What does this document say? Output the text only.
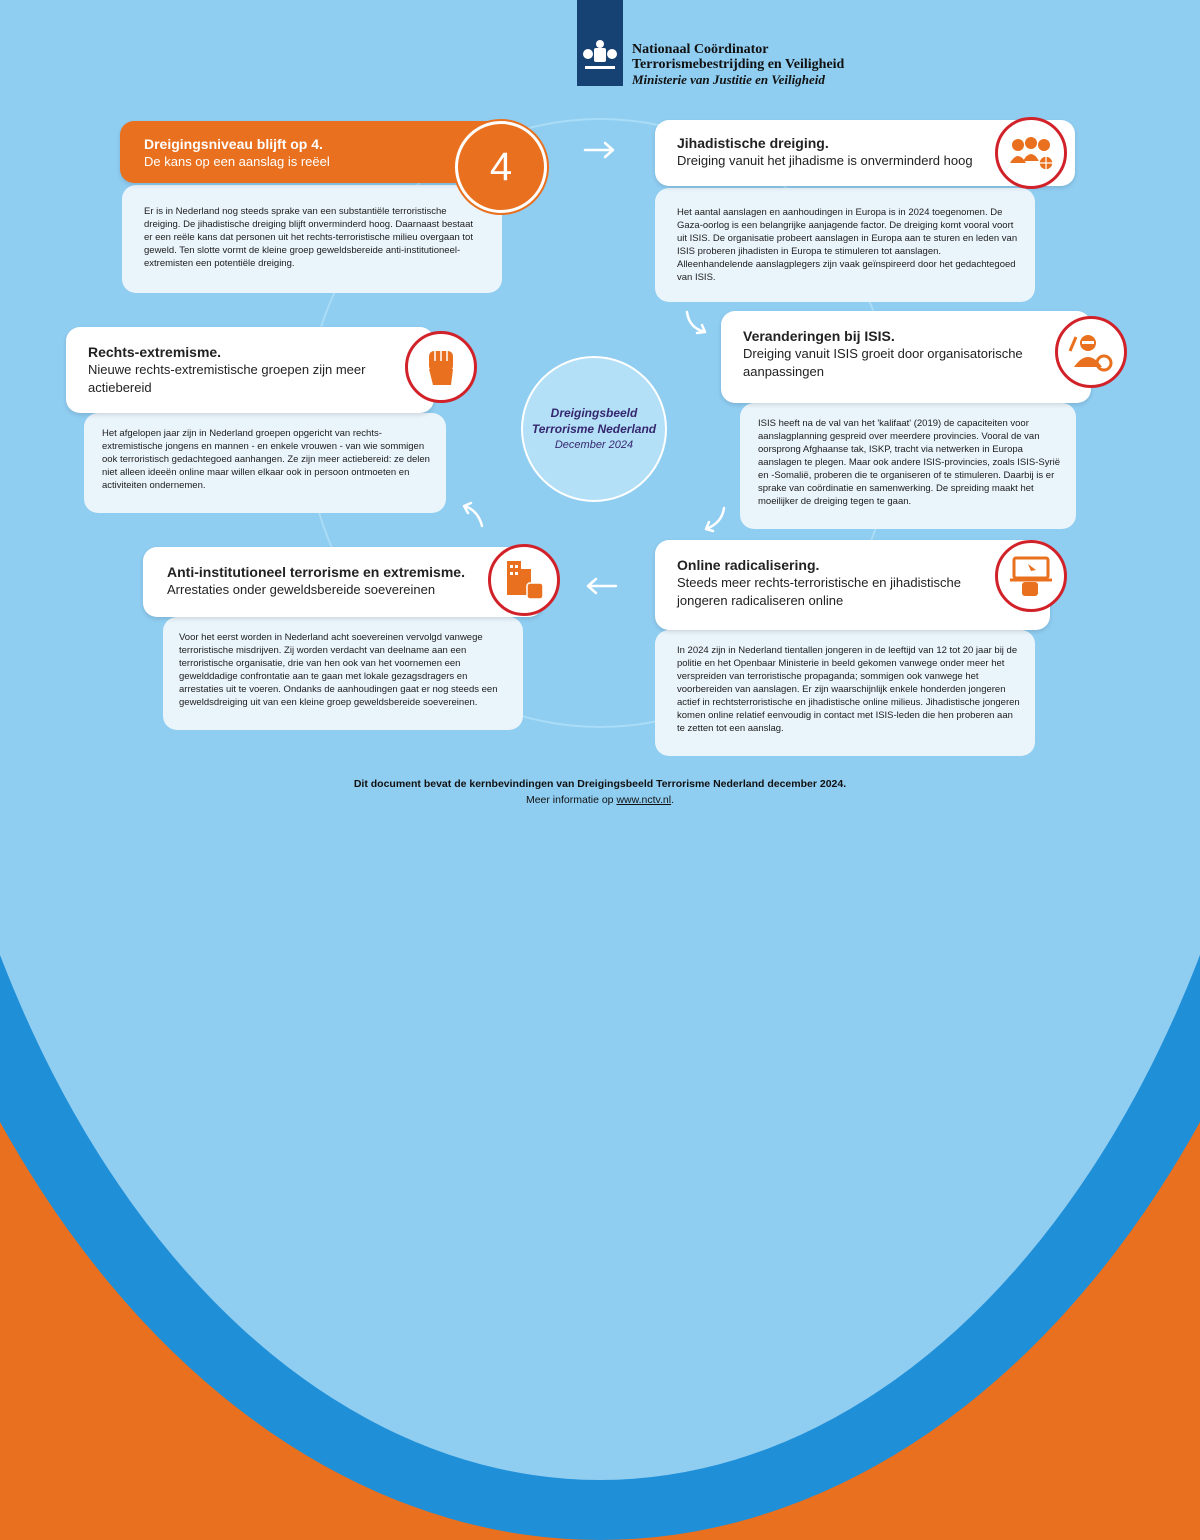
Nationaal Coördinator
Terrorismebestrijding en Veiligheid
Ministerie van Justitie en Veiligheid
Dreigingsniveau blijft op 4.
De kans op een aanslag is reëel	4
Er is in Nederland nog steeds sprake van een substantiële terroristische dreiging. De jihadistische dreiging blijft onverminderd hoog. Daarnaast bestaat er een reële kans dat personen uit het rechts-terroristische milieu overgaan tot geweld. Ten slotte vormt de kleine groep geweldsbereide anti-institutioneel-extremisten een potentiële dreiging.
Jihadistische dreiging.
Dreiging vanuit het jihadisme is onverminderd hoog
Het aantal aanslagen en aanhoudingen in Europa is in 2024 toegenomen. De Gaza-oorlog is een belangrijke aanjagende factor. De dreiging komt vooral voort uit ISIS. De organisatie probeert aanslagen in Europa aan te sturen en leden van ISIS proberen jihadisten in Europa te stimuleren tot aanslagen. Alleenhandelende aanslagplegers zijn vaak geïnspireerd door het gedachtegoed van ISIS.
Veranderingen bij ISIS.
Dreiging vanuit ISIS groeit door organisatorische aanpassingen
ISIS heeft na de val van het 'kalifaat' (2019) de capaciteiten voor aanslagplanning gespreid over meerdere provincies. Vooral de van oorsprong Afghaanse tak, ISKP, tracht via netwerken in Europa aanslagen te plegen. Maar ook andere ISIS-provincies, zoals ISIS-Syrië en -Somalië, proberen die te organiseren of te stimuleren. Daarbij is er sprake van coördinatie en samenwerking. De spreiding maakt het moeilijker de dreiging tegen te gaan.
Online radicalisering.
Steeds meer rechts-terroristische en jihadistische jongeren radicaliseren online
In 2024 zijn in Nederland tientallen jongeren in de leeftijd van 12 tot 20 jaar bij de politie en het Openbaar Ministerie in beeld gekomen vanwege onder meer het verspreiden van terroristische propaganda; sommigen ook vanwege het voorbereiden van aanslagen. Er zijn waarschijnlijk enkele honderden jongeren actief in rechtsterroristische en jihadistische online milieus. Jihadistische jongeren komen online relatief eenvoudig in contact met ISIS-leden die hen proberen aan te zetten tot een aanslag.
Anti-institutioneel terrorisme en extremisme.
Arrestaties onder geweldsbereide soevereinen
Voor het eerst worden in Nederland acht soevereinen vervolgd vanwege terroristische misdrijven. Zij worden verdacht van deelname aan een terroristische organisatie, drie van hen ook van het voornemen een gewelddadige confrontatie aan te gaan met lokale gezagsdragers en arrestaties uit te voeren. Ondanks de aanhoudingen gaat er nog steeds een geweldsdreiging uit van een kleine groep geweldsbereide soevereinen.
Rechts-extremisme.
Nieuwe rechts-extremistische groepen zijn meer actiebereid
Het afgelopen jaar zijn in Nederland groepen opgericht van rechts-extremistische jongens en mannen - en enkele vrouwen - van wie sommigen ook terroristisch gedachtegoed aanhangen. Ze zijn meer actiebereid: ze delen niet alleen ideeën online maar willen elkaar ook in persoon ontmoeten en activiteiten ondernemen.
Dreigingsbeeld
Terrorisme Nederland
December 2024
Dit document bevat de kernbevindingen van Dreigingsbeeld Terrorisme Nederland december 2024.
Meer informatie op www.nctv.nl.
